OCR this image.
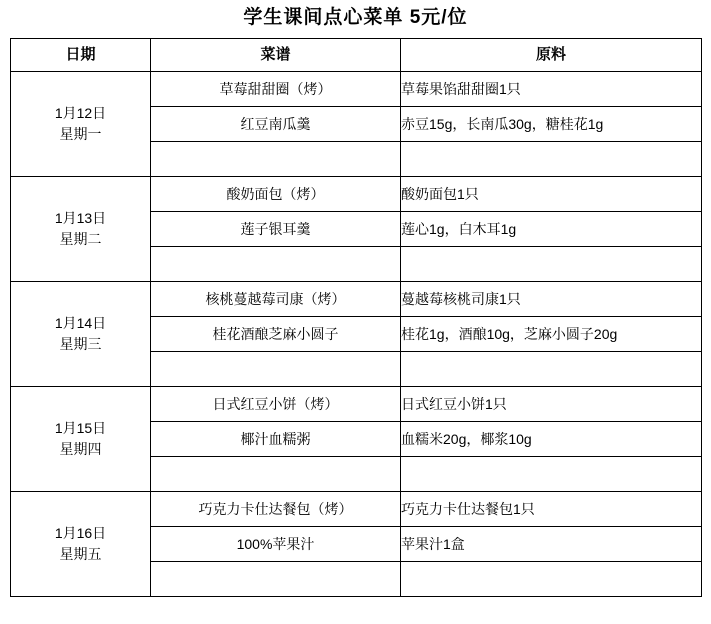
学生课间点心菜单 5元/位
日期	菜谱	原料

1月12日
星期一	草莓甜甜圈（烤）	草莓果馅甜甜圈1只
	红豆南瓜羹	赤豆15g，长南瓜30g，糖桂花1g

1月13日
星期二	酸奶面包（烤）	酸奶面包1只
	莲子银耳羹	莲心1g，白木耳1g

1月14日
星期三	核桃蔓越莓司康（烤）	蔓越莓核桃司康1只
	桂花酒酿芝麻小圆子	桂花1g，酒酿10g，芝麻小圆子20g

1月15日
星期四	日式红豆小饼（烤）	日式红豆小饼1只
	椰汁血糯粥	血糯米20g，椰浆10g

1月16日
星期五	巧克力卡仕达餐包（烤）	巧克力卡仕达餐包1只
	100%苹果汁	苹果汁1盒
